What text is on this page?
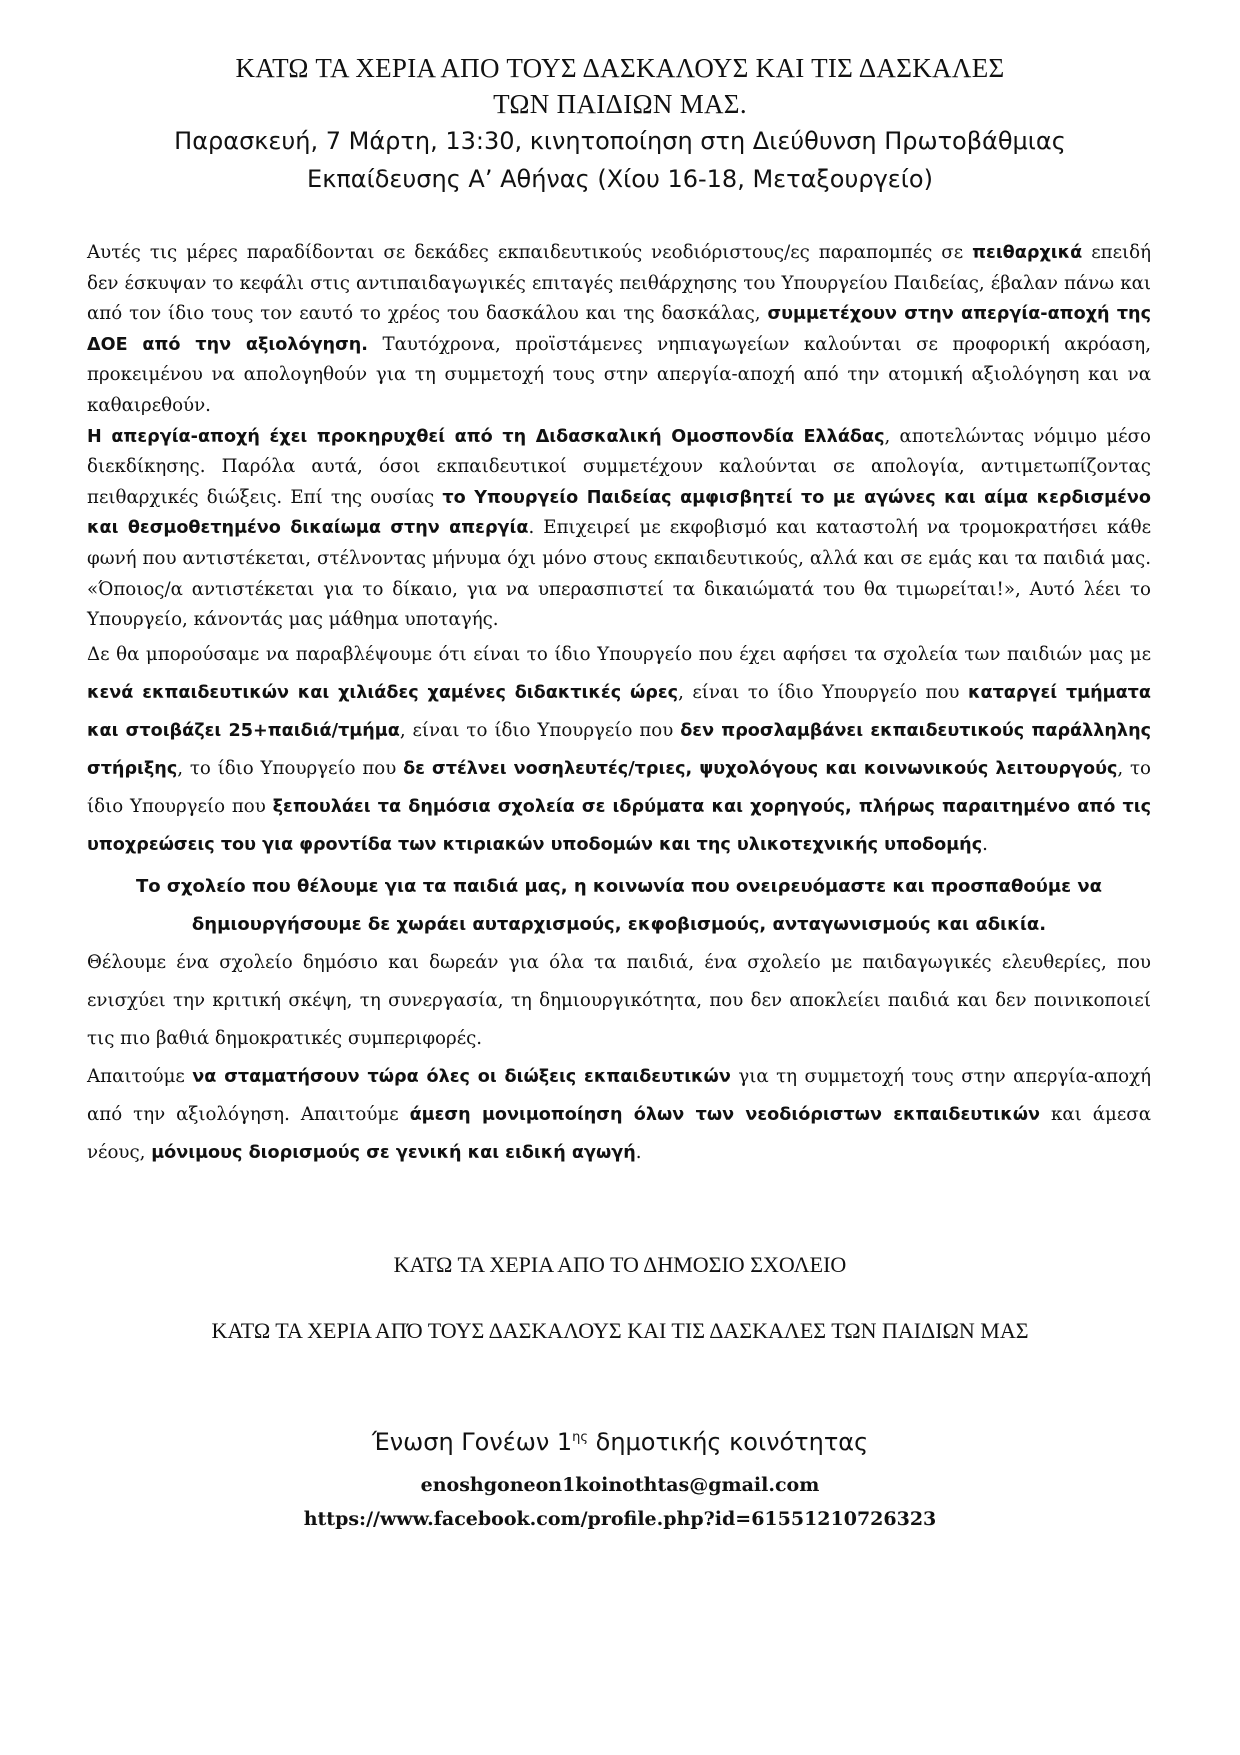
ΚΑΤΩ ΤΑ ΧΕΡΙΑ ΑΠΟ ΤΟΥΣ ΔΑΣΚΑΛΟΥΣ ΚΑΙ ΤΙΣ ΔΑΣΚΑΛΕΣ
ΤΩΝ ΠΑΙΔΙΩΝ ΜΑΣ.
Παρασκευή, 7 Μάρτη, 13:30, κινητοποίηση στη Διεύθυνση Πρωτοβάθμιας
Εκπαίδευσης Α’ Αθήνας (Χίου 16-18, Μεταξουργείο)

Αυτές τις μέρες παραδίδονται σε δεκάδες εκπαιδευτικούς νεοδιόριστους/ες παραπομπές σε πειθαρχικά επειδή δεν έσκυψαν το κεφάλι στις αντιπαιδαγωγικές επιταγές πειθάρχησης του Υπουργείου Παιδείας, έβαλαν πάνω και από τον ίδιο τους τον εαυτό το χρέος του δασκάλου και της δασκάλας, συμμετέχουν στην απεργία-αποχή της ΔΟΕ από την αξιολόγηση. Ταυτόχρονα, προϊστάμενες νηπιαγωγείων καλούνται σε προφορική ακρόαση, προκειμένου να απολογηθούν για τη συμμετοχή τους στην απεργία-αποχή από την ατομική αξιολόγηση και να καθαιρεθούν.

Η απεργία-αποχή έχει προκηρυχθεί από τη Διδασκαλική Ομοσπονδία Ελλάδας, αποτελώντας νόμιμο μέσο διεκδίκησης. Παρόλα αυτά, όσοι εκπαιδευτικοί συμμετέχουν καλούνται σε απολογία, αντιμετωπίζοντας πειθαρχικές διώξεις. Επί της ουσίας το Υπουργείο Παιδείας αμφισβητεί το με αγώνες και αίμα κερδισμένο και θεσμοθετημένο δικαίωμα στην απεργία. Επιχειρεί με εκφοβισμό και καταστολή να τρομοκρατήσει κάθε φωνή που αντιστέκεται, στέλνοντας μήνυμα όχι μόνο στους εκπαιδευτικούς, αλλά και σε εμάς και τα παιδιά μας. «Όποιος/α αντιστέκεται για το δίκαιο, για να υπερασπιστεί τα δικαιώματά του θα τιμωρείται!», Αυτό λέει το Υπουργείο, κάνοντάς μας μάθημα υποταγής.

Δε θα μπορούσαμε να παραβλέψουμε ότι είναι το ίδιο Υπουργείο που έχει αφήσει τα σχολεία των παιδιών μας με κενά εκπαιδευτικών και χιλιάδες χαμένες διδακτικές ώρες, είναι το ίδιο Υπουργείο που καταργεί τμήματα και στοιβάζει 25+παιδιά/τμήμα, είναι το ίδιο Υπουργείο που δεν προσλαμβάνει εκπαιδευτικούς παράλληλης στήριξης, το ίδιο Υπουργείο που δε στέλνει νοσηλευτές/τριες, ψυχολόγους και κοινωνικούς λειτουργούς, το ίδιο Υπουργείο που ξεπουλάει τα δημόσια σχολεία σε ιδρύματα και χορηγούς, πλήρως παραιτημένο από τις υποχρεώσεις του για φροντίδα των κτιριακών υποδομών και της υλικοτεχνικής υποδομής.

Το σχολείο που θέλουμε για τα παιδιά μας, η κοινωνία που ονειρευόμαστε και προσπαθούμε να δημιουργήσουμε δε χωράει αυταρχισμούς, εκφοβισμούς, ανταγωνισμούς και αδικία.

Θέλουμε ένα σχολείο δημόσιο και δωρεάν για όλα τα παιδιά, ένα σχολείο με παιδαγωγικές ελευθερίες, που ενισχύει την κριτική σκέψη, τη συνεργασία, τη δημιουργικότητα, που δεν αποκλείει παιδιά και δεν ποινικοποιεί τις πιο βαθιά δημοκρατικές συμπεριφορές.

Απαιτούμε να σταματήσουν τώρα όλες οι διώξεις εκπαιδευτικών για τη συμμετοχή τους στην απεργία-αποχή από την αξιολόγηση. Απαιτούμε άμεση μονιμοποίηση όλων των νεοδιόριστων εκπαιδευτικών και άμεσα νέους, μόνιμους διορισμούς σε γενική και ειδική αγωγή.

ΚΑΤΩ ΤΑ ΧΕΡΙΑ ΑΠΟ ΤΟ ΔΗΜΟΣΙΟ ΣΧΟΛΕΙΟ

ΚΑΤΩ ΤΑ ΧΕΡΙΑ ΑΠΌ ΤΟΥΣ ΔΑΣΚΑΛΟΥΣ ΚΑΙ ΤΙΣ ΔΑΣΚΑΛΕΣ ΤΩΝ ΠΑΙΔΙΩΝ ΜΑΣ

Ένωση Γονέων $1^{\eta\varsigma}$ δημοτικής κοινότητας
enoshgoneon1koinothtas@gmail.com
https://www.facebook.com/profile.php?id=61551210726323
